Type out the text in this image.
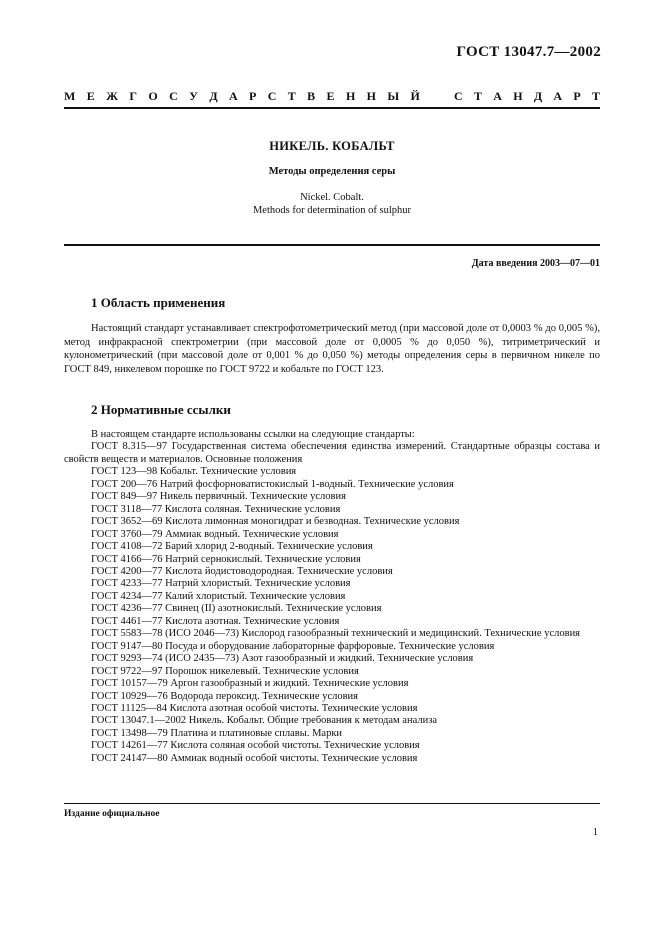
ГОСТ 13047.7—2002
М Е Ж Г О С У Д А Р С Т В Е Н Н Ы Й	С Т А Н Д А Р Т
НИКЕЛЬ. КОБАЛЬТ
Методы определения серы
Nickel. Cobalt.
Methods for determination of sulphur
Дата введения 2003—07—01
1 Область применения
Настоящий стандарт устанавливает спектрофотометрический метод (при массовой доле от 0,0003 % до 0,005 %), метод инфракрасной спектрометрии (при массовой доле от 0,0005 % до 0,050 %), титриметрический и кулонометрический (при массовой доле от 0,001 % до 0,050 %) методы определения серы в первичном никеле по ГОСТ 849, никелевом порошке по ГОСТ 9722 и кобальте по ГОСТ 123.
2 Нормативные ссылки
В настоящем стандарте использованы ссылки на следующие стандарты:
ГОСТ 8.315—97 Государственная система обеспечения единства измерений. Стандартные образцы состава и свойств веществ и материалов. Основные положения
ГОСТ 123—98 Кобальт. Технические условия
ГОСТ 200—76 Натрий фосфорноватистокислый 1-водный. Технические условия
ГОСТ 849—97 Никель первичный. Технические условия
ГОСТ 3118—77 Кислота соляная. Технические условия
ГОСТ 3652—69 Кислота лимонная моногидрат и безводная. Технические условия
ГОСТ 3760—79 Аммиак водный. Технические условия
ГОСТ 4108—72 Барий хлорид 2-водный. Технические условия
ГОСТ 4166—76 Натрий сернокислый. Технические условия
ГОСТ 4200—77 Кислота йодистоводородная. Технические условия
ГОСТ 4233—77 Натрий хлористый. Технические условия
ГОСТ 4234—77 Калий хлористый. Технические условия
ГОСТ 4236—77 Свинец (II) азотнокислый. Технические условия
ГОСТ 4461—77 Кислота азотная. Технические условия
ГОСТ 5583—78 (ИСО 2046—73) Кислород газообразный технический и медицинский. Технические условия
ГОСТ 9147—80 Посуда и оборудование лабораторные фарфоровые. Технические условия
ГОСТ 9293—74 (ИСО 2435—73) Азот газообразный и жидкий. Технические условия
ГОСТ 9722—97 Порошок никелевый. Технические условия
ГОСТ 10157—79 Аргон газообразный и жидкий. Технические условия
ГОСТ 10929—76 Водорода пероксид. Технические условия
ГОСТ 11125—84 Кислота азотная особой чистоты. Технические условия
ГОСТ 13047.1—2002 Никель. Кобальт. Общие требования к методам анализа
ГОСТ 13498—79 Платина и платиновые сплавы. Марки
ГОСТ 14261—77 Кислота соляная особой чистоты. Технические условия
ГОСТ 24147—80 Аммиак водный особой чистоты. Технические условия
Издание официальное
1
